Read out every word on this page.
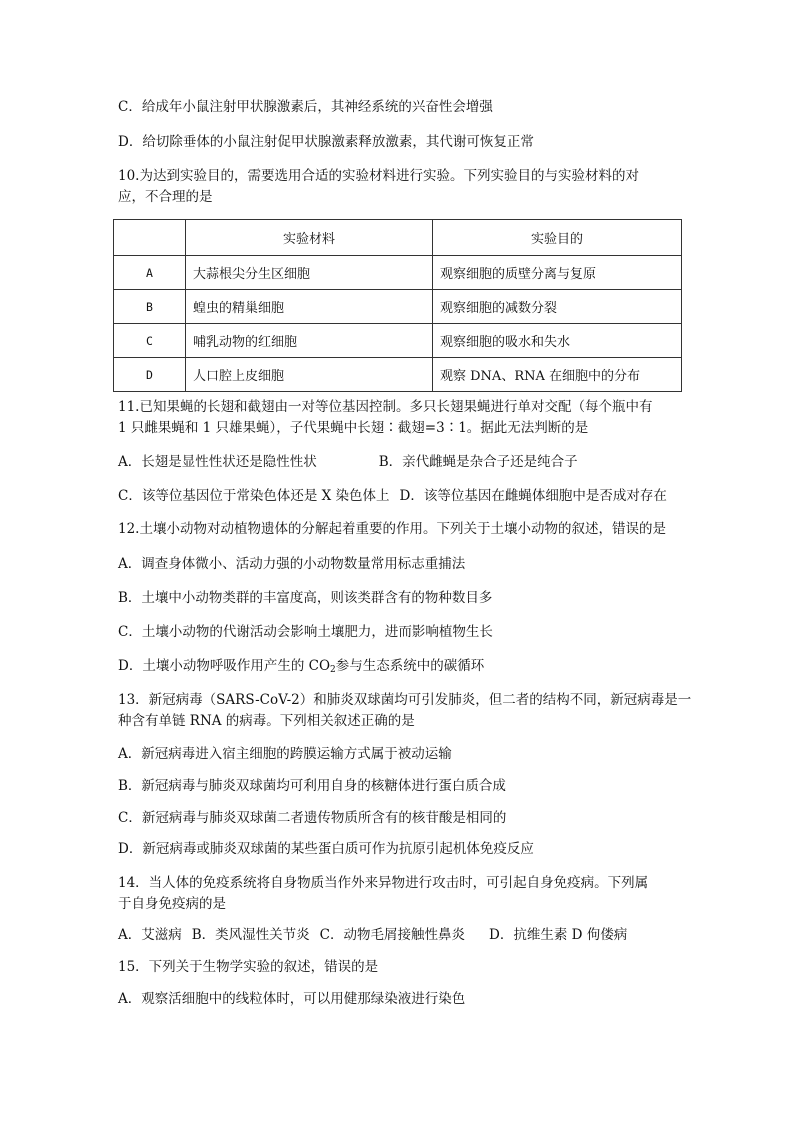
C．给成年小鼠注射甲状腺激素后，其神经系统的兴奋性会增强
D．给切除垂体的小鼠注射促甲状腺激素释放激素，其代谢可恢复正常
10.为达到实验目的，需要选用合适的实验材料进行实验。下列实验目的与实验材料的对
应，不合理的是
	实验材料	实验目的
A	大蒜根尖分生区细胞	观察细胞的质壁分离与复原
B	蝗虫的精巢细胞	观察细胞的减数分裂
C	哺乳动物的红细胞	观察细胞的吸水和失水
D	人口腔上皮细胞	观察 DNA、RNA 在细胞中的分布
11.已知果蝇的长翅和截翅由一对等位基因控制。多只长翅果蝇进行单对交配（每个瓶中有
1 只雌果蝇和 1 只雄果蝇），子代果蝇中长翅∶截翅=3∶1。据此无法判断的是
A．长翅是显性性状还是隐性性状	B．亲代雌蝇是杂合子还是纯合子
C．该等位基因位于常染色体还是 X 染色体上 D．该等位基因在雌蝇体细胞中是否成对存在
12.土壤小动物对动植物遗体的分解起着重要的作用。下列关于土壤小动物的叙述，错误的是
A．调查身体微小、活动力强的小动物数量常用标志重捕法
B．土壤中小动物类群的丰富度高，则该类群含有的物种数目多
C．土壤小动物的代谢活动会影响土壤肥力，进而影响植物生长
D．土壤小动物呼吸作用产生的 $CO_2$参与生态系统中的碳循环
13．新冠病毒（SARS-CoV-2）和肺炎双球菌均可引发肺炎，但二者的结构不同，新冠病毒是一
种含有单链 RNA 的病毒。下列相关叙述正确的是
A．新冠病毒进入宿主细胞的跨膜运输方式属于被动运输
B．新冠病毒与肺炎双球菌均可利用自身的核糖体进行蛋白质合成
C．新冠病毒与肺炎双球菌二者遗传物质所含有的核苷酸是相同的
D．新冠病毒或肺炎双球菌的某些蛋白质可作为抗原引起机体免疫反应
14．当人体的免疫系统将自身物质当作外来异物进行攻击时，可引起自身免疫病。下列属
于自身免疫病的是
A．艾滋病 B．类风湿性关节炎 C．动物毛屑接触性鼻炎 D．抗维生素 D 佝偻病
15．下列关于生物学实验的叙述，错误的是
A．观察活细胞中的线粒体时，可以用健那绿染液进行染色
